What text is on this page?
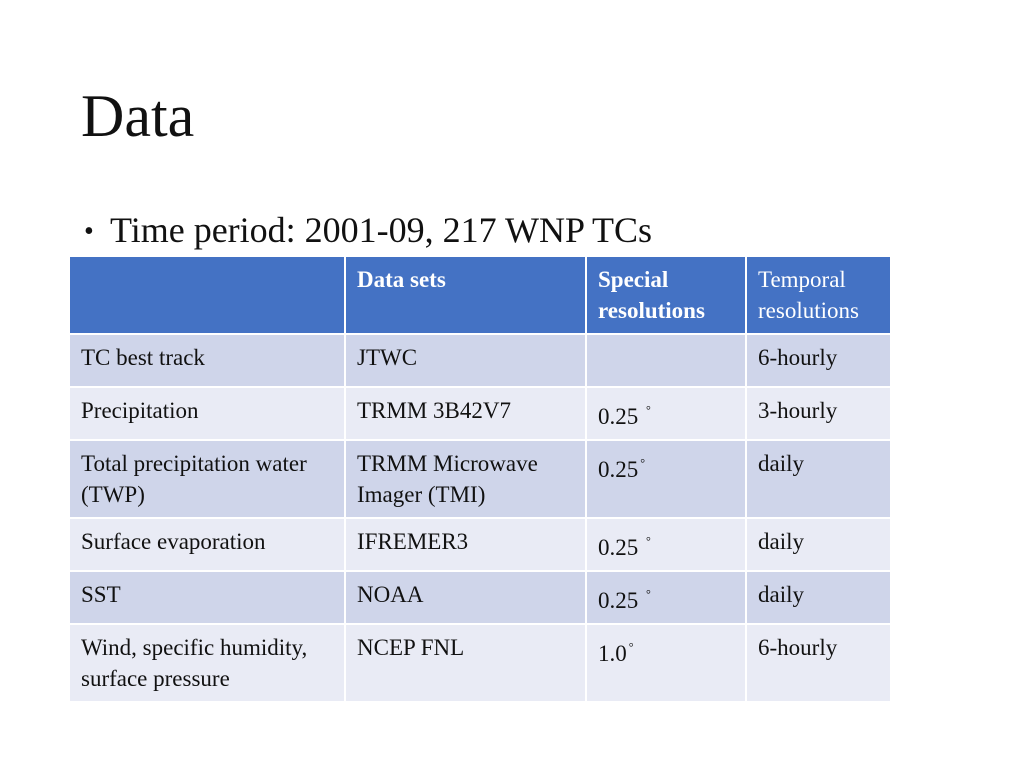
Data
• Time period: 2001-09, 217 WNP TCs
	Data sets	Special resolutions	Temporal resolutions
TC best track	JTWC		6-hourly
Precipitation	TRMM 3B42V7	0.25 °	3-hourly
Total precipitation water (TWP)	TRMM Microwave Imager (TMI)	0.25 °	daily
Surface evaporation	IFREMER3	0.25 °	daily
SST	NOAA	0.25 °	daily
Wind, specific humidity, surface pressure	NCEP FNL	1.0 °	6-hourly
